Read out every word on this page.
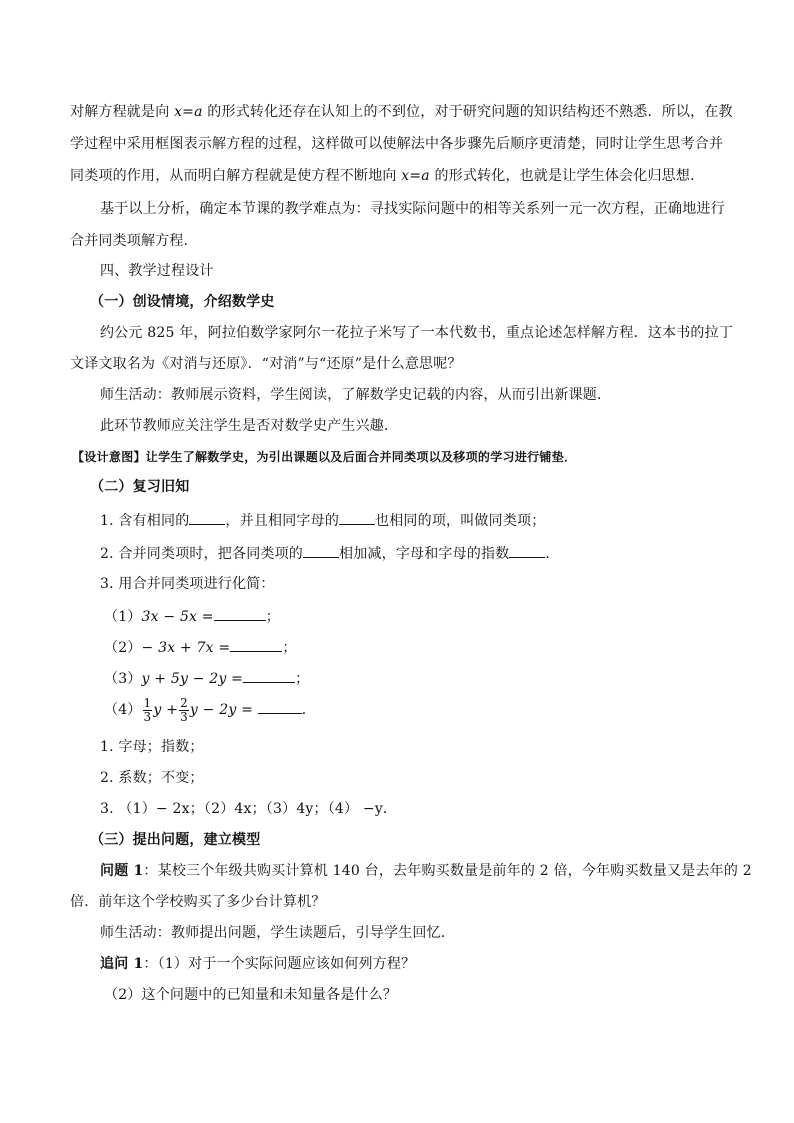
对解方程就是向 x=a 的形式转化还存在认知上的不到位，对于研究问题的知识结构还不熟悉．所以，在教
学过程中采用框图表示解方程的过程，这样做可以使解法中各步骤先后顺序更清楚，同时让学生思考合并
同类项的作用，从而明白解方程就是使方程不断地向 x=a 的形式转化，也就是让学生体会化归思想．
基于以上分析，确定本节课的教学难点为：寻找实际问题中的相等关系列一元一次方程，正确地进行
合并同类项解方程．
四、教学过程设计
（一）创设情境，介绍数学史
约公元 825 年，阿拉伯数学家阿尔一花拉子米写了一本代数书，重点论述怎样解方程．这本书的拉丁
文译文取名为《对消与还原》．“对消”与“还原”是什么意思呢？
师生活动：教师展示资料，学生阅读，了解数学史记载的内容，从而引出新课题．
此环节教师应关注学生是否对数学史产生兴趣．
【设计意图】让学生了解数学史，为引出课题以及后面合并同类项以及移项的学习进行铺垫．
（二）复习旧知
1. 含有相同的	，并且相同字母的	也相同的项，叫做同类项；
2. 合并同类项时，把各同类项的	相加减，字母和字母的指数	．
3. 用合并同类项进行化简：
（1）3x − 5x =	；
（2）− 3x + 7x =	；
（3）y + 5y − 2y =	；
$(4) \frac{1}{3}$ $y + \frac{2}{3}$ y − 2y =	．
1. 字母；指数；
2. 系数；不变；
3. （1）− 2x；（2）4x；（3）4y；（4） −y．
（三）提出问题，建立模型
问题 1：某校三个年级共购买计算机 140 台，去年购买数量是前年的 2 倍，今年购买数量又是去年的 2
倍．前年这个学校购买了多少台计算机？
师生活动：教师提出问题，学生读题后，引导学生回忆．
追问 1：（1）对于一个实际问题应该如何列方程？
（2）这个问题中的已知量和未知量各是什么？
